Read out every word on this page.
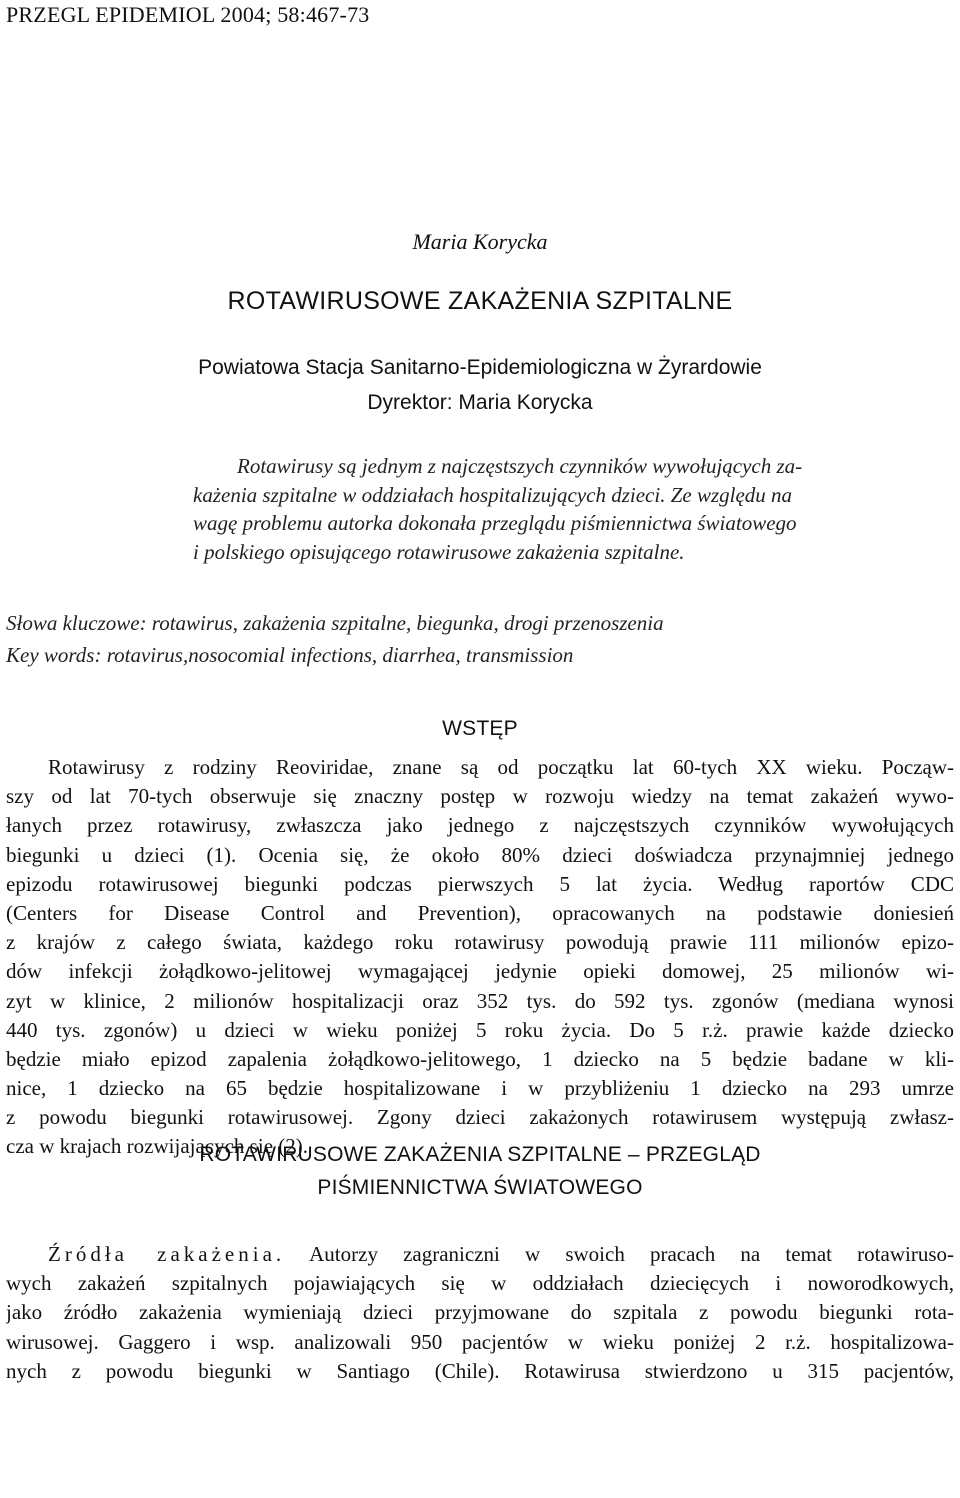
PRZEGL EPIDEMIOL 2004; 58:467-73
Maria Korycka
ROTAWIRUSOWE ZAKAŻENIA SZPITALNE
Powiatowa Stacja Sanitarno-Epidemiologiczna w Żyrardowie
Dyrektor: Maria Korycka
Rotawirusy są jednym z najczęstszych czynników wywołujących za-
każenia szpitalne w oddziałach hospitalizujących dzieci. Ze względu na
wagę problemu autorka dokonała przeglądu piśmiennictwa światowego
i polskiego opisującego rotawirusowe zakażenia szpitalne.
Słowa kluczowe: rotawirus, zakażenia szpitalne, biegunka, drogi przenoszenia
Key words: rotavirus,nosocomial infections, diarrhea, transmission
WSTĘP
Rotawirusy z rodziny Reoviridae, znane są od początku lat 60-tych XX wieku. Począw-
szy od lat 70-tych obserwuje się znaczny postęp w rozwoju wiedzy na temat zakażeń wywo-
łanych przez rotawirusy, zwłaszcza jako jednego z najczęstszych czynników wywołujących
biegunki u dzieci (1). Ocenia się, że około 80% dzieci doświadcza przynajmniej jednego
epizodu rotawirusowej biegunki podczas pierwszych 5 lat życia. Według raportów CDC
(Centers for Disease Control and Prevention), opracowanych na podstawie doniesień
z krajów z całego świata, każdego roku rotawirusy powodują prawie 111 milionów epizo-
dów infekcji żołądkowo-jelitowej wymagającej jedynie opieki domowej, 25 milionów wi-
zyt w klinice, 2 milionów hospitalizacji oraz 352 tys. do 592 tys. zgonów (mediana wynosi
440 tys. zgonów) u dzieci w wieku poniżej 5 roku życia. Do 5 r.ż. prawie każde dziecko
będzie miało epizod zapalenia żołądkowo-jelitowego, 1 dziecko na 5 będzie badane w kli-
nice, 1 dziecko na 65 będzie hospitalizowane i w przybliżeniu 1 dziecko na 293 umrze
z powodu biegunki rotawirusowej. Zgony dzieci zakażonych rotawirusem występują zwłasz-
cza w krajach rozwijających się (2).
ROTAWIRUSOWE ZAKAŻENIA SZPITALNE – PRZEGLĄD
PIŚMIENNICTWA ŚWIATOWEGO
Źródła zakażenia. Autorzy zagraniczni w swoich pracach na temat rotawiruso-
wych zakażeń szpitalnych pojawiających się w oddziałach dziecięcych i noworodkowych,
jako źródło zakażenia wymieniają dzieci przyjmowane do szpitala z powodu biegunki rota-
wirusowej. Gaggero i wsp. analizowali 950 pacjentów w wieku poniżej 2 r.ż. hospitalizowa-
nych z powodu biegunki w Santiago (Chile). Rotawirusa stwierdzono u 315 pacjentów,
